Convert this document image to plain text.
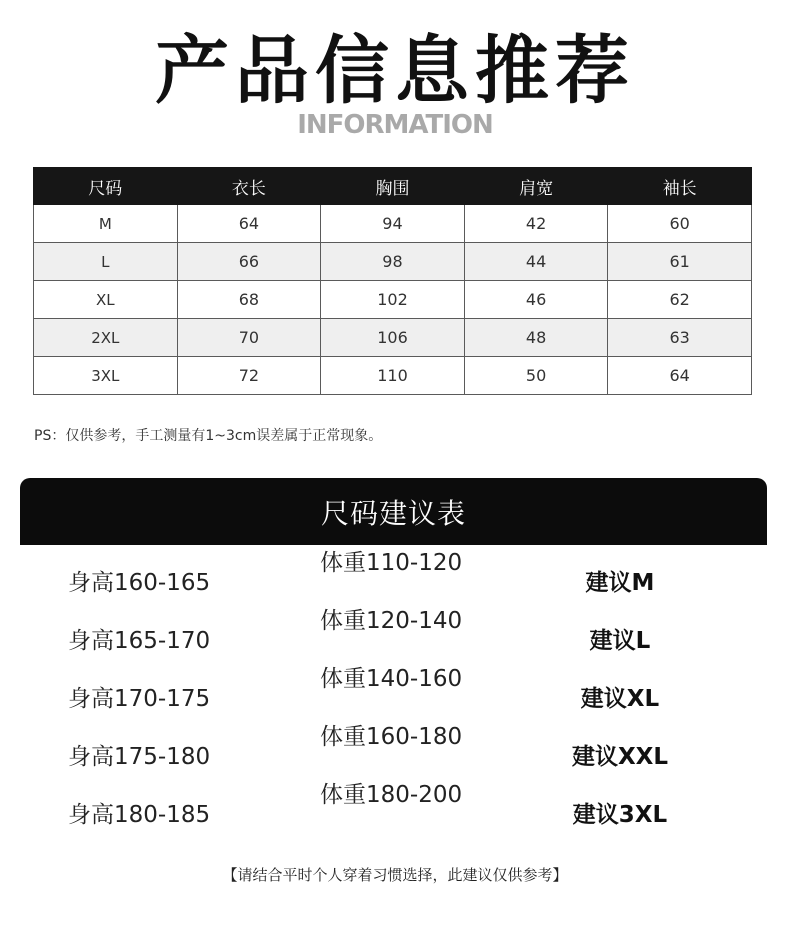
产品信息推荐
INFORMATION
尺码	衣长	胸围	肩宽	袖长
M	64	94	42	60
L	66	98	44	61
XL	68	102	46	62
2XL	70	106	48	63
3XL	72	110	50	64
PS：仅供参考，手工测量有1~3cm误差属于正常现象。
尺码建议表
身高160-165
体重110-120
建议M
身高165-170
体重120-140
建议L
身高170-175
体重140-160
建议XL
身高175-180
体重160-180
建议XXL
身高180-185
体重180-200
建议3XL
【请结合平时个人穿着习惯选择，此建议仅供参考】
